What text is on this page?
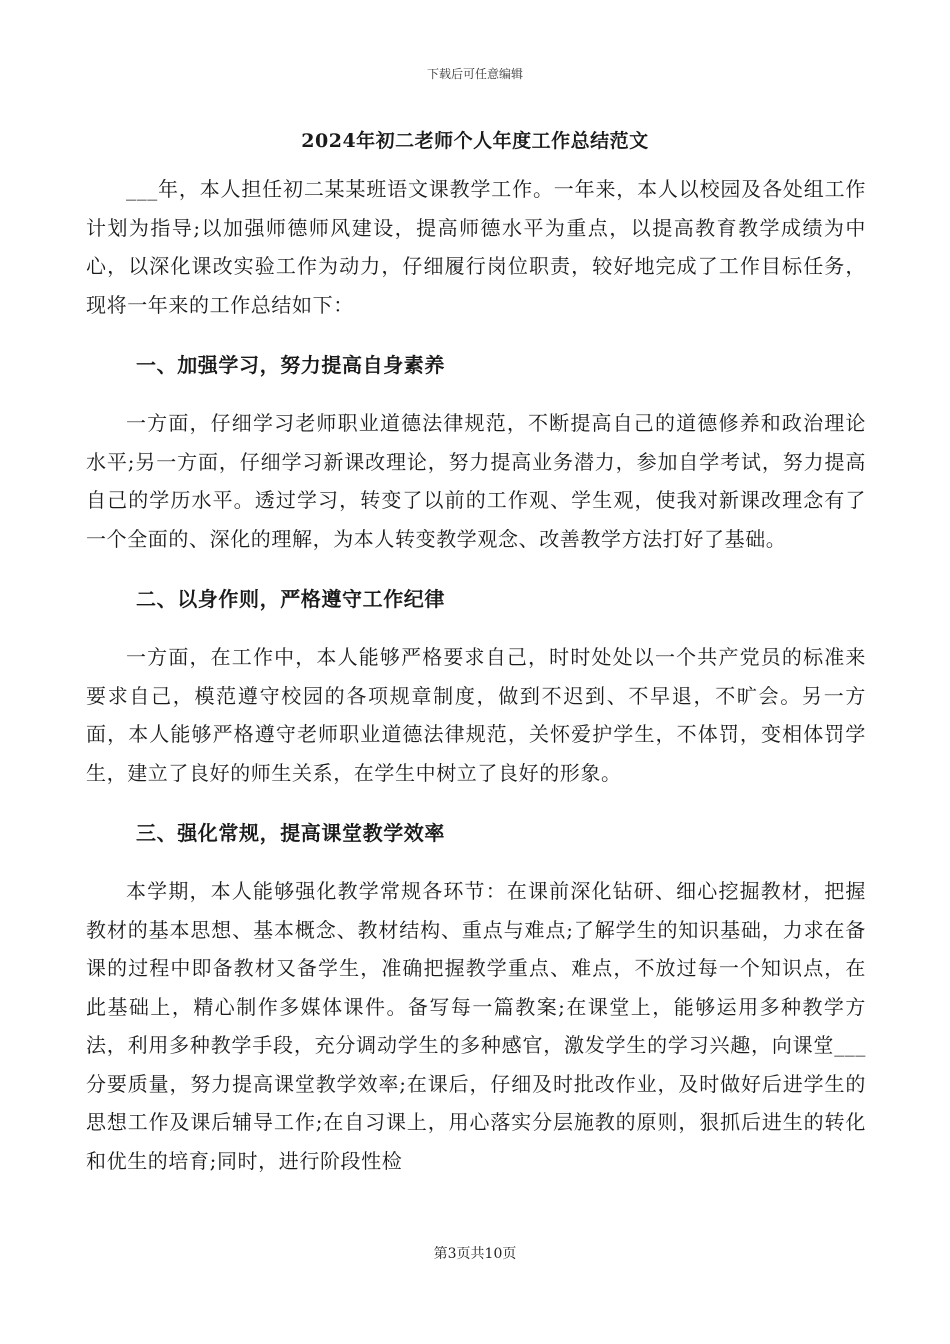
下载后可任意编辑
2024年初二老师个人年度工作总结范文

___年，本人担任初二某某班语文课教学工作。一年来，本人以校园及各处组工作计划为指导;以加强师德师风建设，提高师德水平为重点，以提高教育教学成绩为中心，以深化课改实验工作为动力，仔细履行岗位职责，较好地完成了工作目标任务，现将一年来的工作总结如下：

一、加强学习，努力提高自身素养

一方面，仔细学习老师职业道德法律规范，不断提高自己的道德修养和政治理论水平;另一方面，仔细学习新课改理论，努力提高业务潜力，参加自学考试，努力提高自己的学历水平。透过学习，转变了以前的工作观、学生观，使我对新课改理念有了一个全面的、深化的理解，为本人转变教学观念、改善教学方法打好了基础。

二、以身作则，严格遵守工作纪律

一方面，在工作中，本人能够严格要求自己，时时处处以一个共产党员的标准来要求自己，模范遵守校园的各项规章制度，做到不迟到、不早退，不旷会。另一方面，本人能够严格遵守老师职业道德法律规范，关怀爱护学生，不体罚，变相体罚学生，建立了良好的师生关系，在学生中树立了良好的形象。

三、强化常规，提高课堂教学效率

本学期，本人能够强化教学常规各环节：在课前深化钻研、细心挖掘教材，把握教材的基本思想、基本概念、教材结构、重点与难点;了解学生的知识基础，力求在备课的过程中即备教材又备学生，准确把握教学重点、难点，不放过每一个知识点，在此基础上，精心制作多媒体课件。备写每一篇教案;在课堂上，能够运用多种教学方法，利用多种教学手段，充分调动学生的多种感官，激发学生的学习兴趣，向课堂___分要质量，努力提高课堂教学效率;在课后，仔细及时批改作业，及时做好后进学生的思想工作及课后辅导工作;在自习课上，用心落实分层施教的原则，狠抓后进生的转化和优生的培育;同时，进行阶段性检

第3页共10页
